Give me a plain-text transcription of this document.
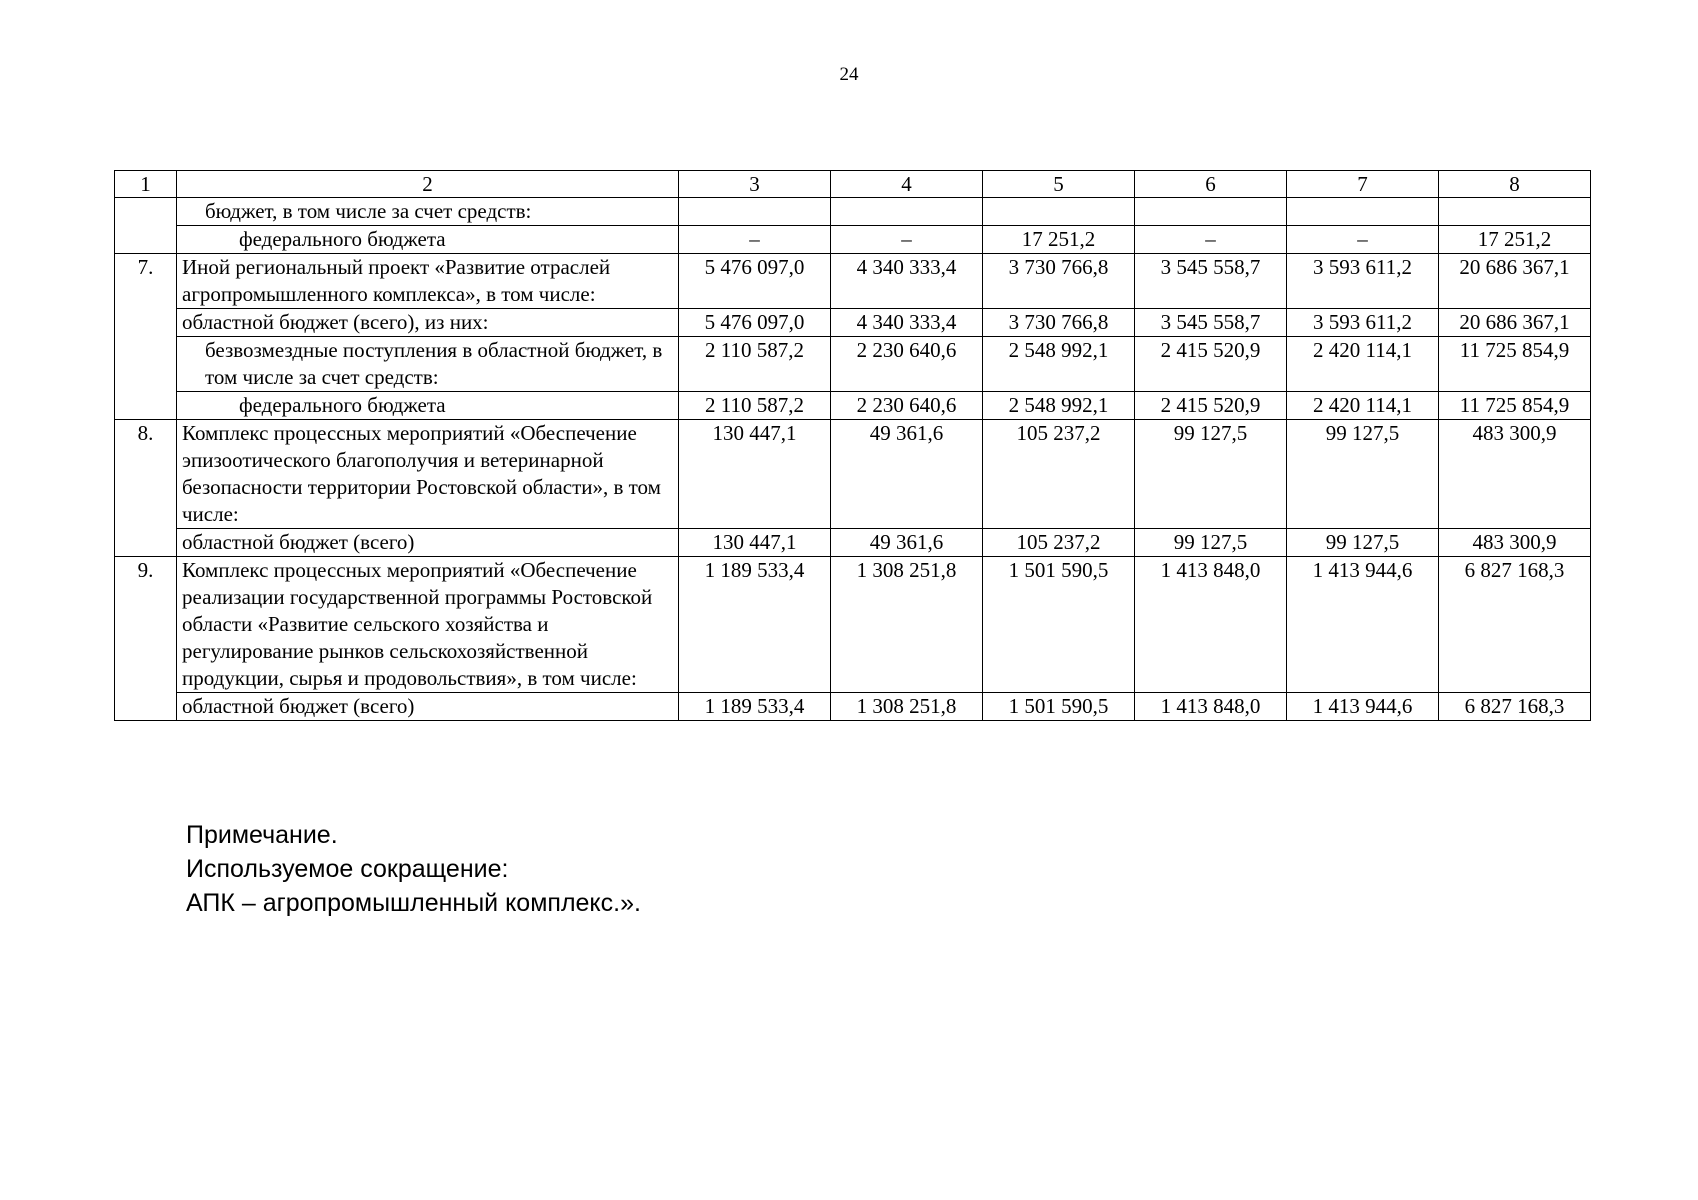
24
1	2	3	4	5	6	7	8
	бюджет, в том числе за счет средств:						
	федерального бюджета	–	–	17 251,2	–	–	17 251,2
7.	Иной региональный проект «Развитие отраслей агропромышленного комплекса», в том числе:	5 476 097,0	4 340 333,4	3 730 766,8	3 545 558,7	3 593 611,2	20 686 367,1
	областной бюджет (всего), из них:	5 476 097,0	4 340 333,4	3 730 766,8	3 545 558,7	3 593 611,2	20 686 367,1
	безвозмездные поступления в областной бюджет, в том числе за счет средств:	2 110 587,2	2 230 640,6	2 548 992,1	2 415 520,9	2 420 114,1	11 725 854,9
	федерального бюджета	2 110 587,2	2 230 640,6	2 548 992,1	2 415 520,9	2 420 114,1	11 725 854,9
8.	Комплекс процессных мероприятий «Обеспечение эпизоотического благополучия и ветеринарной безопасности территории Ростовской области», в том числе:	130 447,1	49 361,6	105 237,2	99 127,5	99 127,5	483 300,9
	областной бюджет (всего)	130 447,1	49 361,6	105 237,2	99 127,5	99 127,5	483 300,9
9.	Комплекс процессных мероприятий «Обеспечение реализации государственной программы Ростовской области «Развитие сельского хозяйства и регулирование рынков сельскохозяйственной продукции, сырья и продовольствия», в том числе:	1 189 533,4	1 308 251,8	1 501 590,5	1 413 848,0	1 413 944,6	6 827 168,3
	областной бюджет (всего)	1 189 533,4	1 308 251,8	1 501 590,5	1 413 848,0	1 413 944,6	6 827 168,3
Примечание.
Используемое сокращение:
АПК – агропромышленный комплекс.».
